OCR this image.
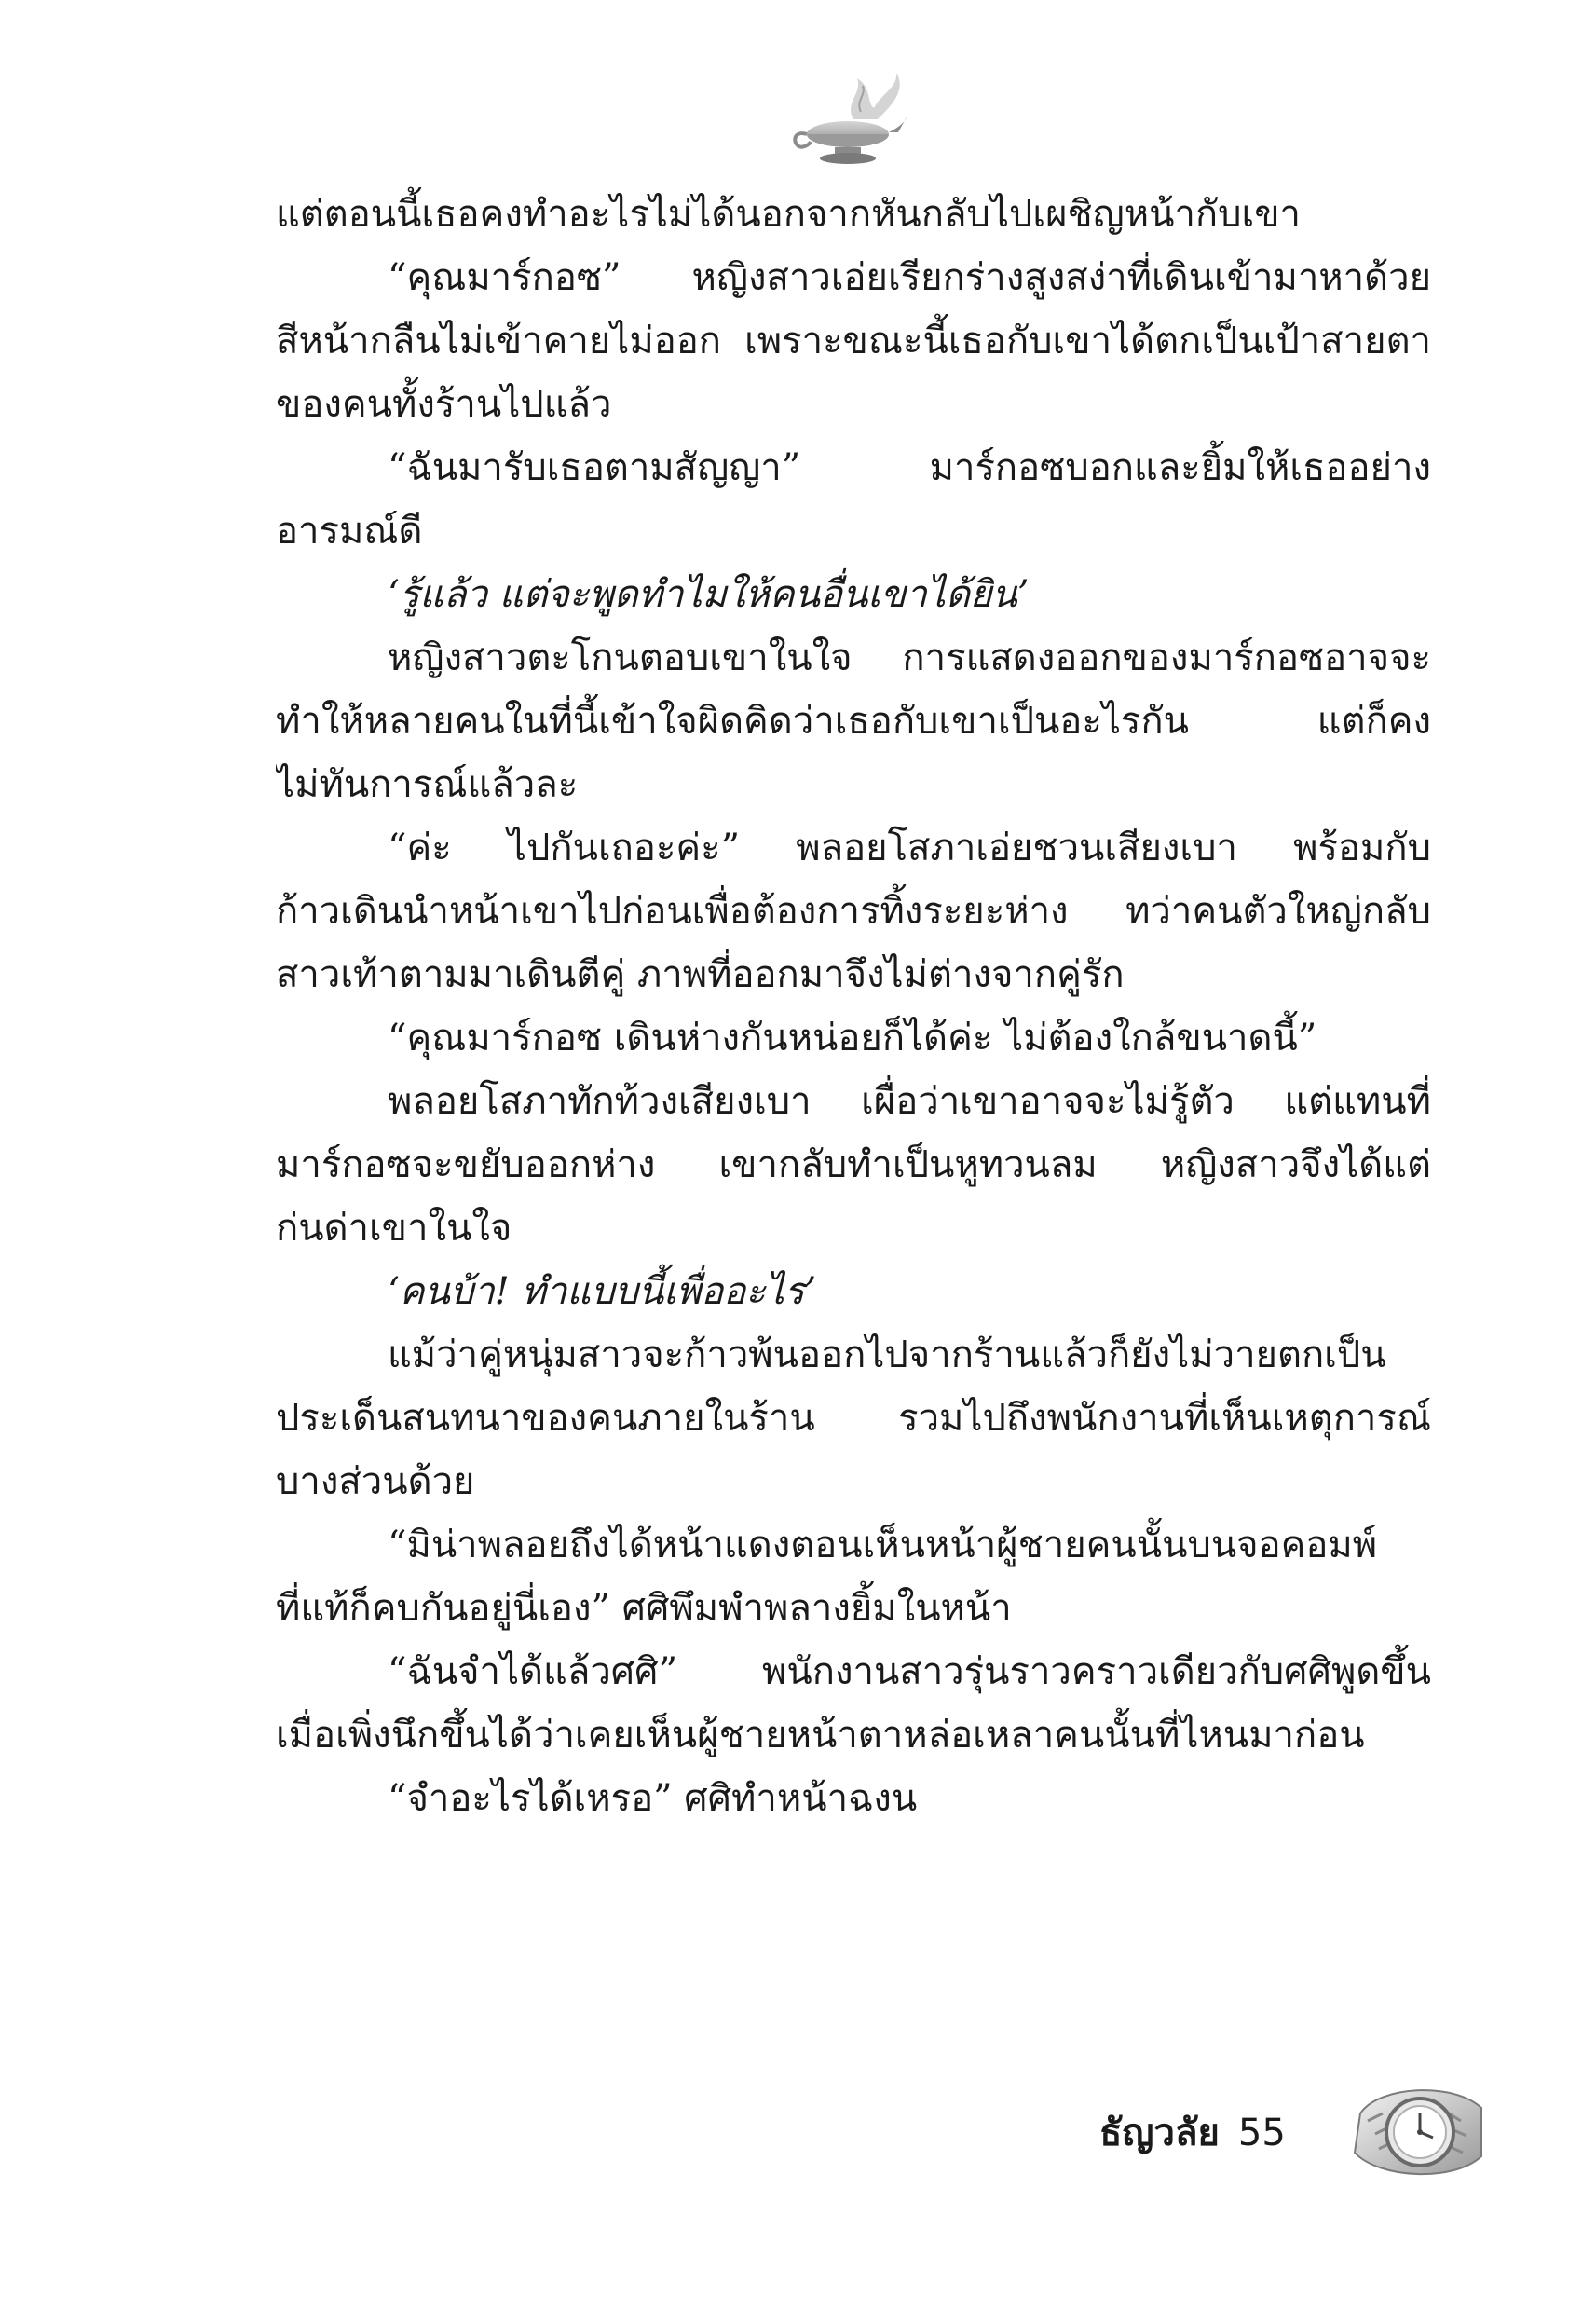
แต่ตอนนี้เธอคงทำอะไรไม่ได้นอกจากหันกลับไปเผชิญหน้ากับเขา
“คุณมาร์กอซ” หญิงสาวเอ่ยเรียกร่างสูงสง่าที่เดินเข้ามาหาด้วย
สีหน้ากลืนไม่เข้าคายไม่ออก เพราะขณะนี้เธอกับเขาได้ตกเป็นเป้าสายตา
ของคนทั้งร้านไปแล้ว
“ฉันมารับเธอตามสัญญา” มาร์กอซบอกและยิ้มให้เธออย่าง
อารมณ์ดี
‘รู้แล้ว แต่จะพูดทำไมให้คนอื่นเขาได้ยิน’
หญิงสาวตะโกนตอบเขาในใจ การแสดงออกของมาร์กอซอาจจะ
ทำให้หลายคนในที่นี้เข้าใจผิดคิดว่าเธอกับเขาเป็นอะไรกัน แต่ก็คง
ไม่ทันการณ์แล้วละ
“ค่ะ ไปกันเถอะค่ะ” พลอยโสภาเอ่ยชวนเสียงเบา พร้อมกับ
ก้าวเดินนำหน้าเขาไปก่อนเพื่อต้องการทิ้งระยะห่าง ทว่าคนตัวใหญ่กลับ
สาวเท้าตามมาเดินตีคู่ ภาพที่ออกมาจึงไม่ต่างจากคู่รัก
“คุณมาร์กอซ เดินห่างกันหน่อยก็ได้ค่ะ ไม่ต้องใกล้ขนาดนี้”
พลอยโสภาทักท้วงเสียงเบา เผื่อว่าเขาอาจจะไม่รู้ตัว แต่แทนที่
มาร์กอซจะขยับออกห่าง เขากลับทำเป็นหูทวนลม หญิงสาวจึงได้แต่
ก่นด่าเขาในใจ
‘คนบ้า! ทำแบบนี้เพื่ออะไร’
แม้ว่าคู่หนุ่มสาวจะก้าวพ้นออกไปจากร้านแล้วก็ยังไม่วายตกเป็น
ประเด็นสนทนาของคนภายในร้าน รวมไปถึงพนักงานที่เห็นเหตุการณ์
บางส่วนด้วย
“มิน่าพลอยถึงได้หน้าแดงตอนเห็นหน้าผู้ชายคนนั้นบนจอคอมพ์
ที่แท้ก็คบกันอยู่นี่เอง” ศศิพึมพำพลางยิ้มในหน้า
“ฉันจำได้แล้วศศิ” พนักงานสาวรุ่นราวคราวเดียวกับศศิพูดขึ้น
เมื่อเพิ่งนึกขึ้นได้ว่าเคยเห็นผู้ชายหน้าตาหล่อเหลาคนนั้นที่ไหนมาก่อน
“จำอะไรได้เหรอ” ศศิทำหน้าฉงน
ธัญวลัย 55
